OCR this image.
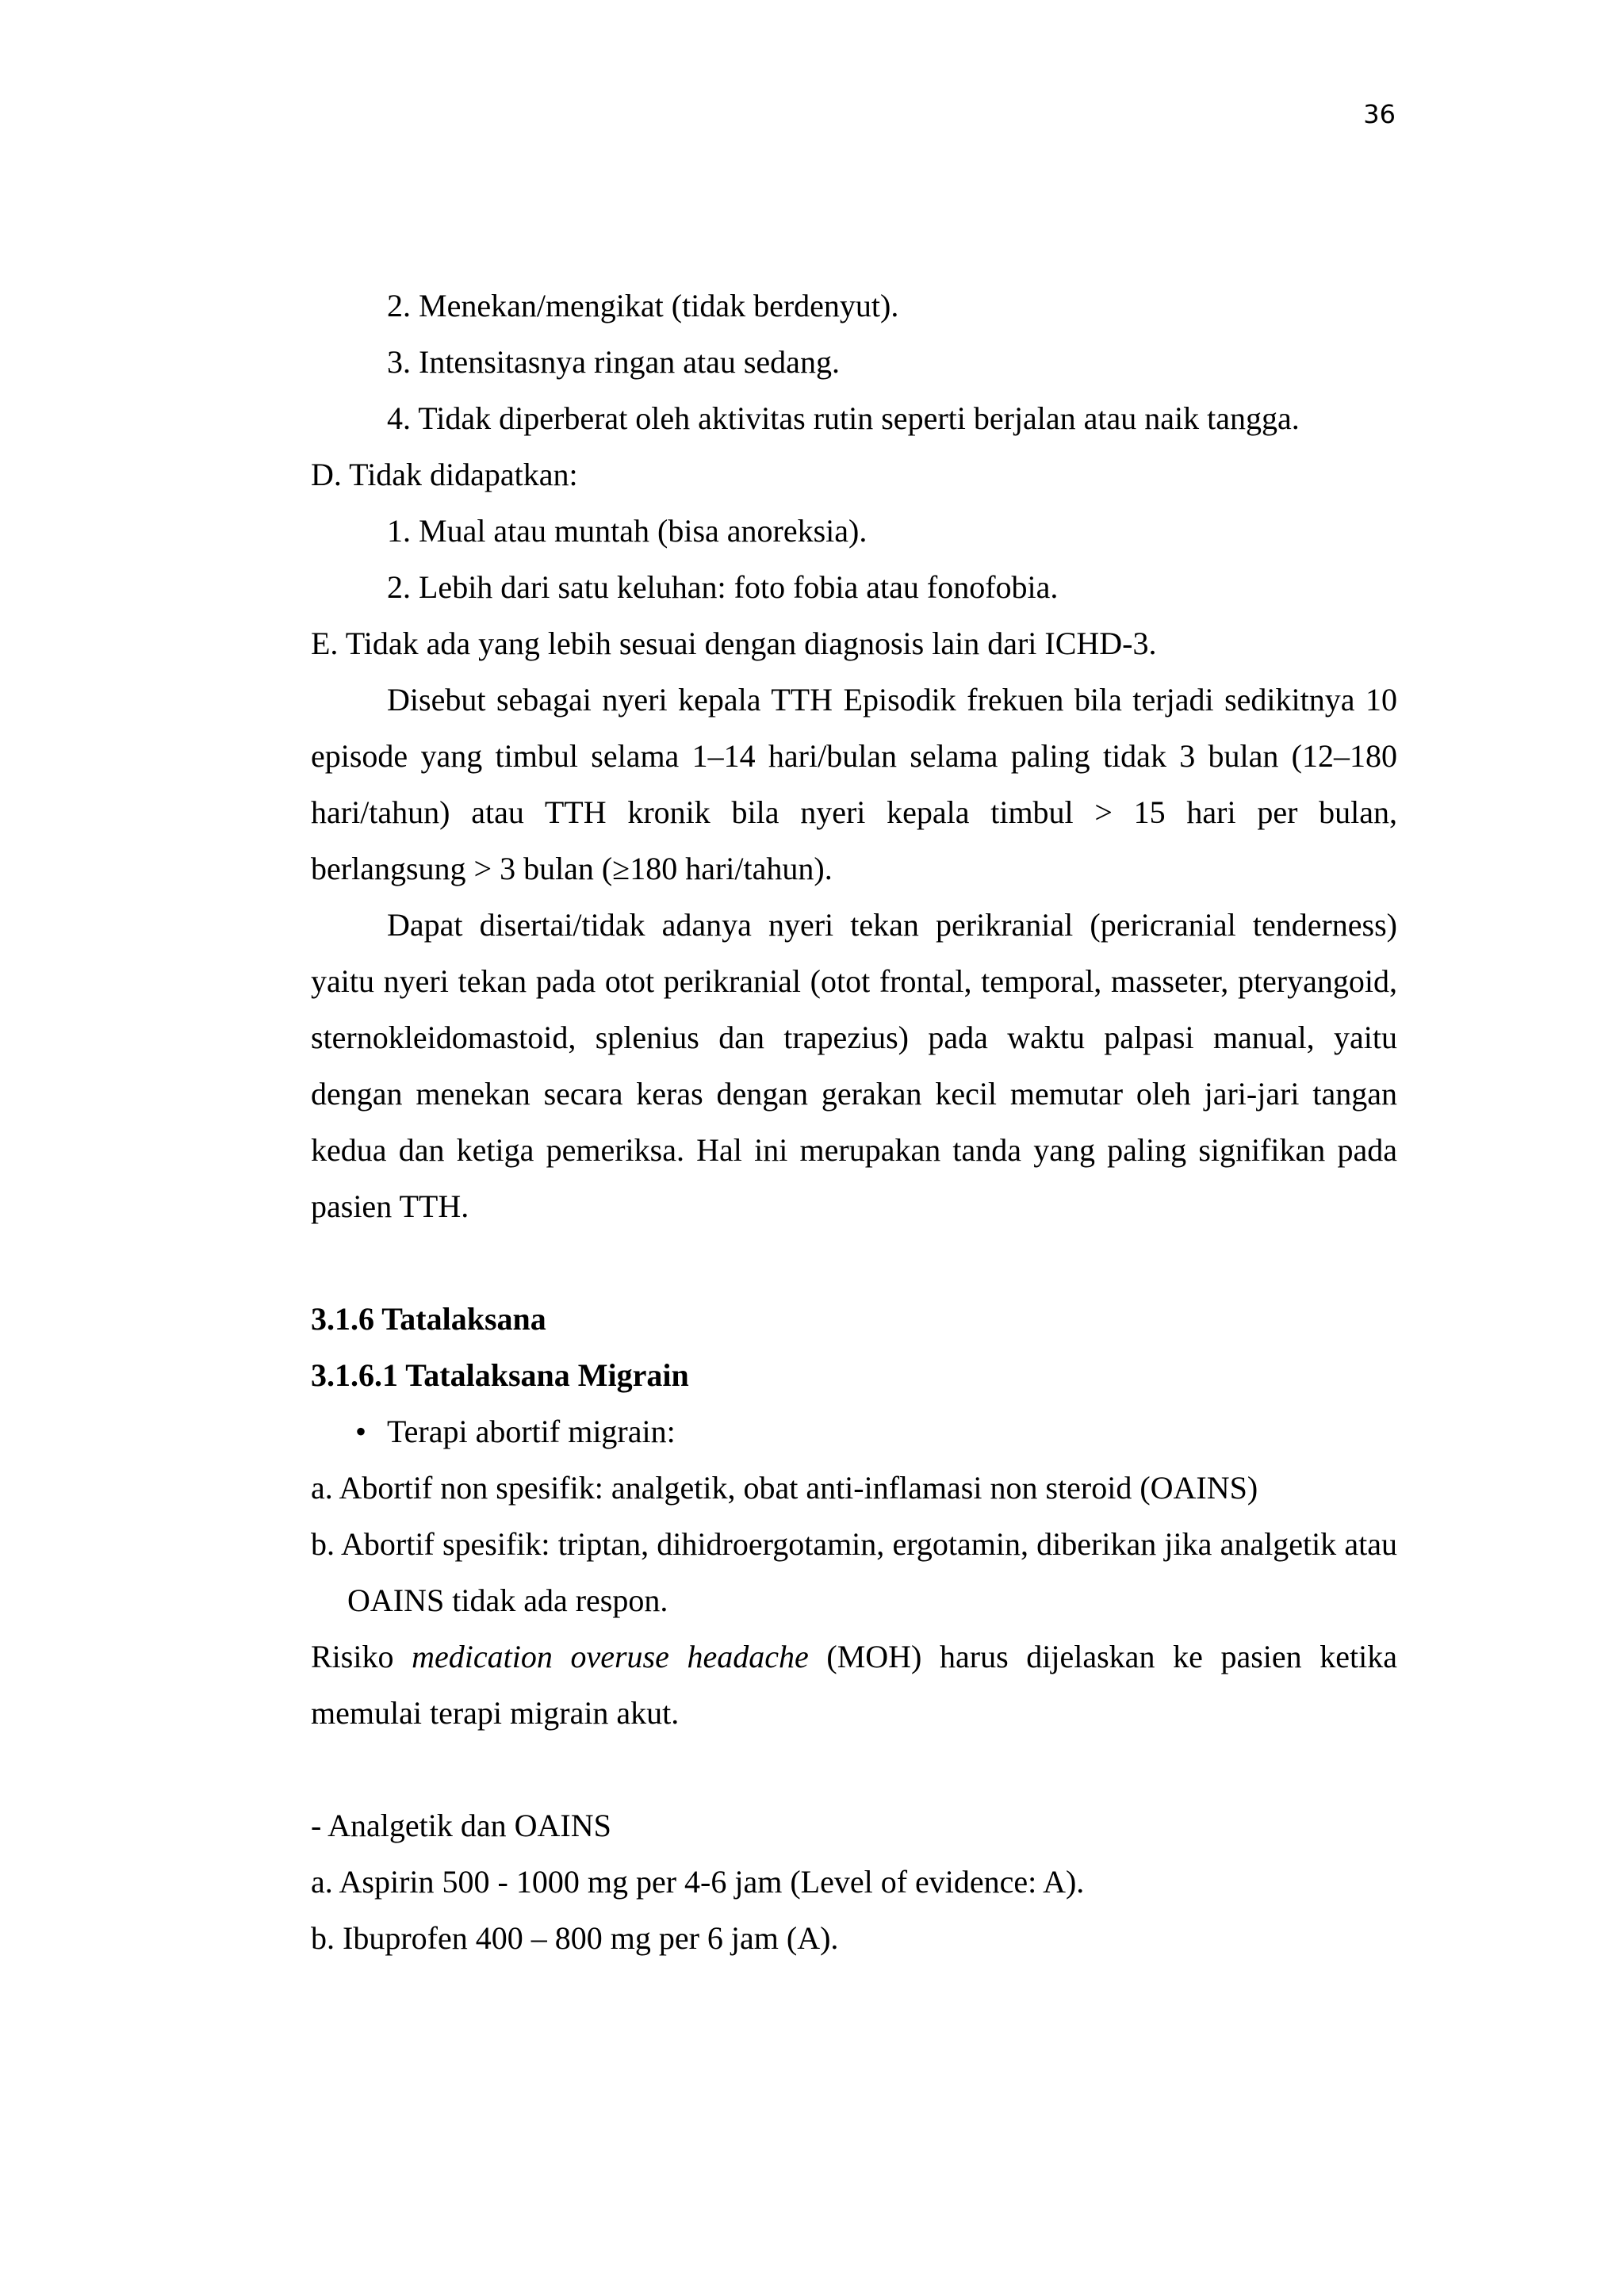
36

2. Menekan/mengikat (tidak berdenyut).

3. Intensitasnya ringan atau sedang.

4. Tidak diperberat oleh aktivitas rutin seperti berjalan atau naik tangga.

D. Tidak didapatkan:

1. Mual atau muntah (bisa anoreksia).

2. Lebih dari satu keluhan: foto fobia atau fonofobia.

E. Tidak ada yang lebih sesuai dengan diagnosis lain dari ICHD-3.

Disebut sebagai nyeri kepala TTH Episodik frekuen bila terjadi sedikitnya 10 episode yang timbul selama 1–14 hari/bulan selama paling tidak 3 bulan (12–180 hari/tahun) atau TTH kronik bila nyeri kepala timbul > 15 hari per bulan, berlangsung > 3 bulan (≥180 hari/tahun).

Dapat disertai/tidak adanya nyeri tekan perikranial (pericranial tenderness) yaitu nyeri tekan pada otot perikranial (otot frontal, temporal, masseter, pteryangoid, sternokleidomastoid, splenius dan trapezius) pada waktu palpasi manual, yaitu dengan menekan secara keras dengan gerakan kecil memutar oleh jari-jari tangan kedua dan ketiga pemeriksa. Hal ini merupakan tanda yang paling signifikan pada pasien TTH.

3.1.6 Tatalaksana

3.1.6.1 Tatalaksana Migrain

• Terapi abortif migrain:

a. Abortif non spesifik: analgetik, obat anti-inflamasi non steroid (OAINS)

b. Abortif spesifik: triptan, dihidroergotamin, ergotamin, diberikan jika analgetik atau OAINS tidak ada respon.

Risiko medication overuse headache (MOH) harus dijelaskan ke pasien ketika memulai terapi migrain akut.

- Analgetik dan OAINS

a. Aspirin 500 - 1000 mg per 4-6 jam (Level of evidence: A).

b. Ibuprofen 400 – 800 mg per 6 jam (A).
